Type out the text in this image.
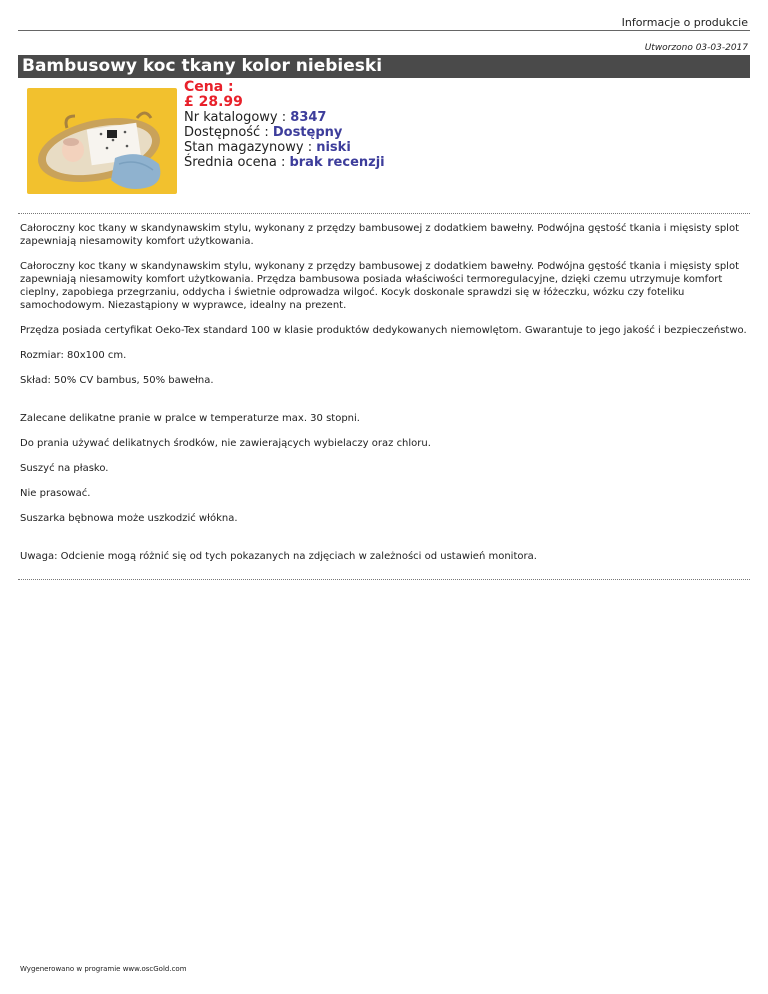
Informacje o produkcie
Utworzono 03-03-2017
Bambusowy koc tkany kolor niebieski
Cena :
£ 28.99
Nr katalogowy : 8347
Dostępność : Dostępny
Stan magazynowy : niski
Średnia ocena : brak recenzji

Całoroczny koc tkany w skandynawskim stylu, wykonany z przędzy bambusowej z dodatkiem bawełny. Podwójna gęstość tkania i mięsisty splot zapewniają niesamowity komfort użytkowania.

Całoroczny koc tkany w skandynawskim stylu, wykonany z przędzy bambusowej z dodatkiem bawełny. Podwójna gęstość tkania i mięsisty splot zapewniają niesamowity komfort użytkowania. Przędza bambusowa posiada właściwości termoregulacyjne, dzięki czemu utrzymuje komfort cieplny, zapobiega przegrzaniu, oddycha i świetnie odprowadza wilgoć. Kocyk doskonale sprawdzi się w łóżeczku, wózku czy foteliku samochodowym. Niezastąpiony w wyprawce, idealny na prezent.

Przędza posiada certyfikat Oeko-Tex standard 100 w klasie produktów dedykowanych niemowlętom. Gwarantuje to jego jakość i bezpieczeństwo.

Rozmiar: 80x100 cm.

Skład: 50% CV bambus, 50% bawełna.

Zalecane delikatne pranie w pralce w temperaturze max. 30 stopni.

Do prania używać delikatnych środków, nie zawierających wybielaczy oraz chloru.

Suszyć na płasko.

Nie prasować.

Suszarka bębnowa może uszkodzić włókna.

Uwaga: Odcienie mogą różnić się od tych pokazanych na zdjęciach w zależności od ustawień monitora.

Wygenerowano w programie www.oscGold.com
